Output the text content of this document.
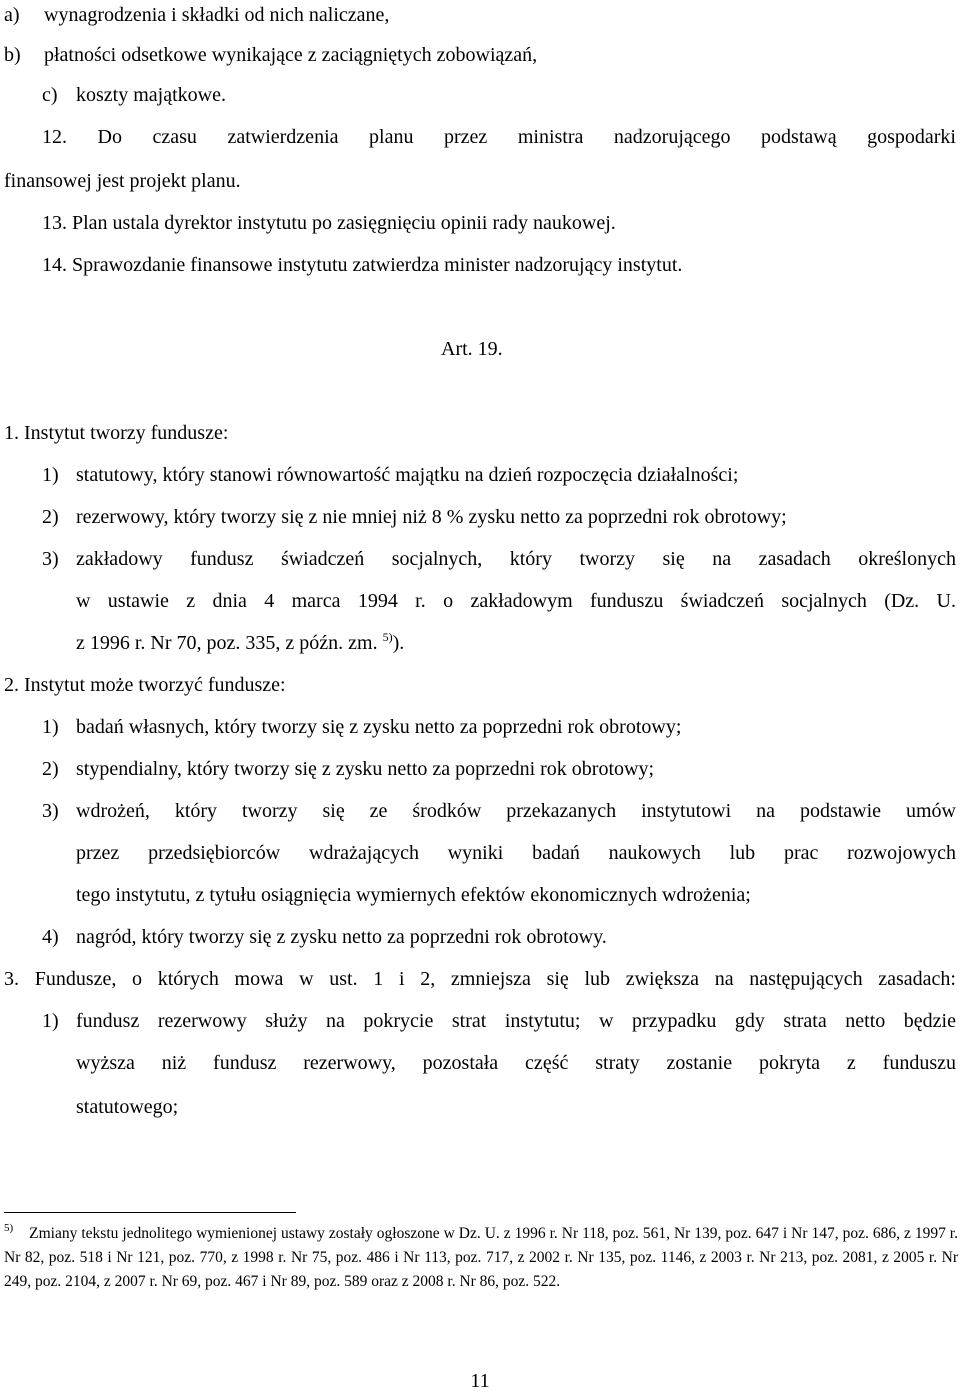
a) wynagrodzenia i składki od nich naliczane,
b) płatności odsetkowe wynikające z zaciągniętych zobowiązań,
c) koszty majątkowe.
12. Do czasu zatwierdzenia planu przez ministra nadzorującego podstawą gospodarki
finansowej jest projekt planu.
13. Plan ustala dyrektor instytutu po zasięgnięciu opinii rady naukowej.
14. Sprawozdanie finansowe instytutu zatwierdza minister nadzorujący instytut.
Art. 19.
1. Instytut tworzy fundusze:
1) statutowy, który stanowi równowartość majątku na dzień rozpoczęcia działalności;
2) rezerwowy, który tworzy się z nie mniej niż 8 % zysku netto za poprzedni rok obrotowy;
3) zakładowy fundusz świadczeń socjalnych, który tworzy się na zasadach określonych
w ustawie z dnia 4 marca 1994 r. o zakładowym funduszu świadczeń socjalnych (Dz. U.
z 1996 r. Nr 70, poz. 335, z późn. zm. $^{5)}$).
2. Instytut może tworzyć fundusze:
1) badań własnych, który tworzy się z zysku netto za poprzedni rok obrotowy;
2) stypendialny, który tworzy się z zysku netto za poprzedni rok obrotowy;
3) wdrożeń, który tworzy się ze środków przekazanych instytutowi na podstawie umów
przez przedsiębiorców wdrażających wyniki badań naukowych lub prac rozwojowych
tego instytutu, z tytułu osiągnięcia wymiernych efektów ekonomicznych wdrożenia;
4) nagród, który tworzy się z zysku netto za poprzedni rok obrotowy.
3. Fundusze, o których mowa w ust. 1 i 2, zmniejsza się lub zwiększa na następujących zasadach:
1) fundusz rezerwowy służy na pokrycie strat instytutu; w przypadku gdy strata netto będzie
wyższa niż fundusz rezerwowy, pozostała część straty zostanie pokryta z funduszu
statutowego;
$^{5)}$ Zmiany tekstu jednolitego wymienionej ustawy zostały ogłoszone w Dz. U. z 1996 r. Nr 118, poz. 561, Nr 139, poz. 647 i Nr 147, poz. 686, z 1997 r. Nr 82, poz. 518 i Nr 121, poz. 770, z 1998 r. Nr 75, poz. 486 i Nr 113, poz. 717, z 2002 r. Nr 135, poz. 1146, z 2003 r. Nr 213, poz. 2081, z 2005 r. Nr 249, poz. 2104, z 2007 r. Nr 69, poz. 467 i Nr 89, poz. 589 oraz z 2008 r. Nr 86, poz. 522.
11
